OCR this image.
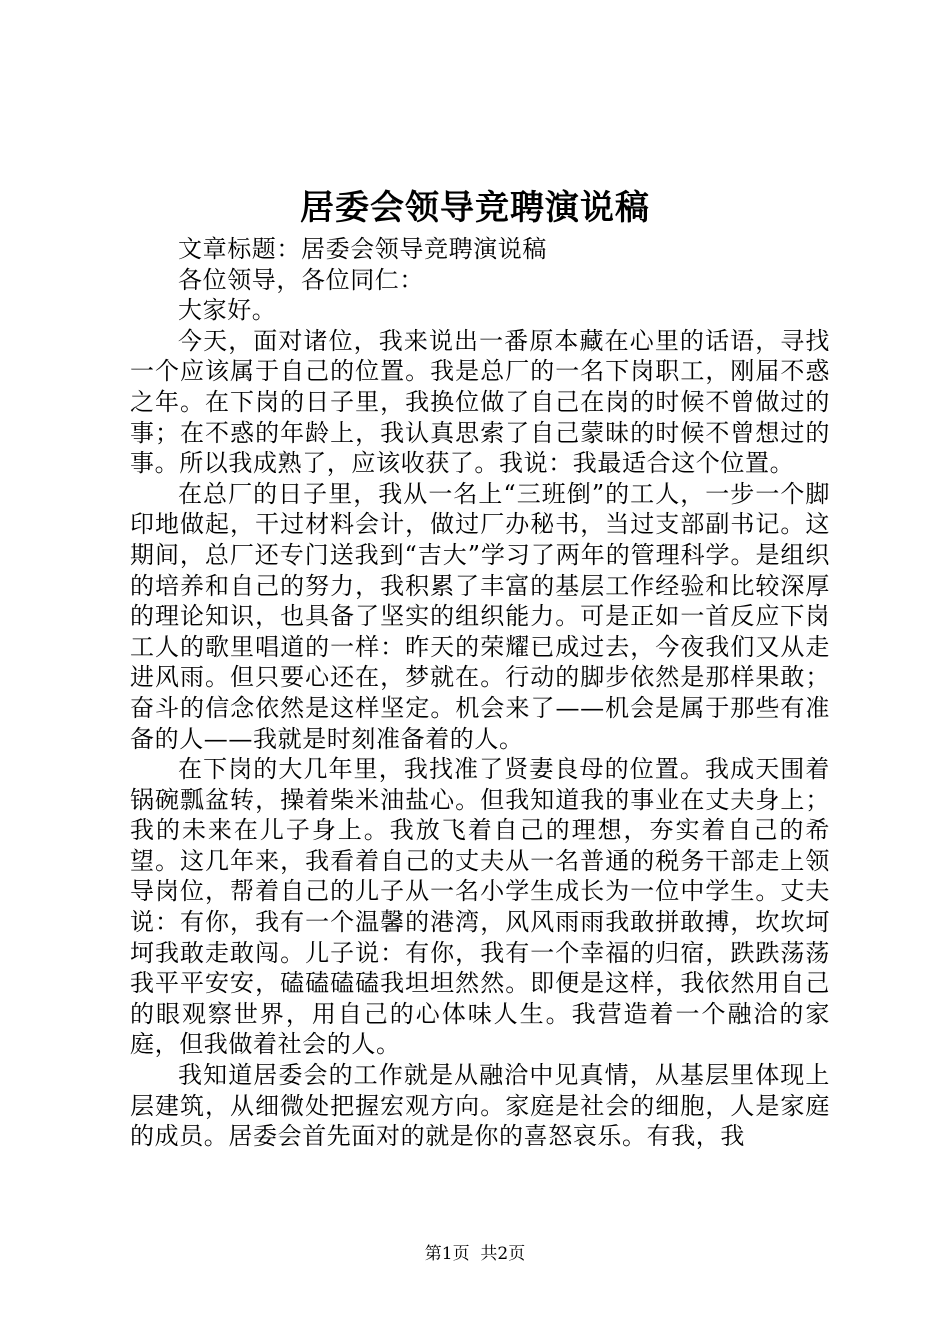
居委会领导竞聘演说稿

文章标题：居委会领导竞聘演说稿

各位领导，各位同仁：

大家好。

今天，面对诸位，我来说出一番原本藏在心里的话语，寻找一个应该属于自己的位置。我是总厂的一名下岗职工，刚届不惑之年。在下岗的日子里，我换位做了自己在岗的时候不曾做过的事；在不惑的年龄上，我认真思索了自己蒙昧的时候不曾想过的事。所以我成熟了，应该收获了。我说：我最适合这个位置。

在总厂的日子里，我从一名上“三班倒”的工人，一步一个脚印地做起，干过材料会计，做过厂办秘书，当过支部副书记。这期间，总厂还专门送我到“吉大”学习了两年的管理科学。是组织的培养和自己的努力，我积累了丰富的基层工作经验和比较深厚的理论知识，也具备了坚实的组织能力。可是正如一首反应下岗工人的歌里唱道的一样：昨天的荣耀已成过去，今夜我们又从走进风雨。但只要心还在，梦就在。行动的脚步依然是那样果敢；奋斗的信念依然是这样坚定。机会来了——机会是属于那些有准备的人——我就是时刻准备着的人。

在下岗的大几年里，我找准了贤妻良母的位置。我成天围着锅碗瓢盆转，操着柴米油盐心。但我知道我的事业在丈夫身上；我的未来在儿子身上。我放飞着自己的理想，夯实着自己的希望。这几年来，我看着自己的丈夫从一名普通的税务干部走上领导岗位，帮着自己的儿子从一名小学生成长为一位中学生。丈夫说：有你，我有一个温馨的港湾，风风雨雨我敢拼敢搏，坎坎坷坷我敢走敢闯。儿子说：有你，我有一个幸福的归宿，跌跌荡荡我平平安安，磕磕磕磕我坦坦然然。即便是这样，我依然用自己的眼观察世界，用自己的心体味人生。我营造着一个融洽的家庭，但我做着社会的人。

我知道居委会的工作就是从融洽中见真情，从基层里体现上层建筑，从细微处把握宏观方向。家庭是社会的细胞，人是家庭的成员。居委会首先面对的就是你的喜怒哀乐。有我，我

第1页 共2页
